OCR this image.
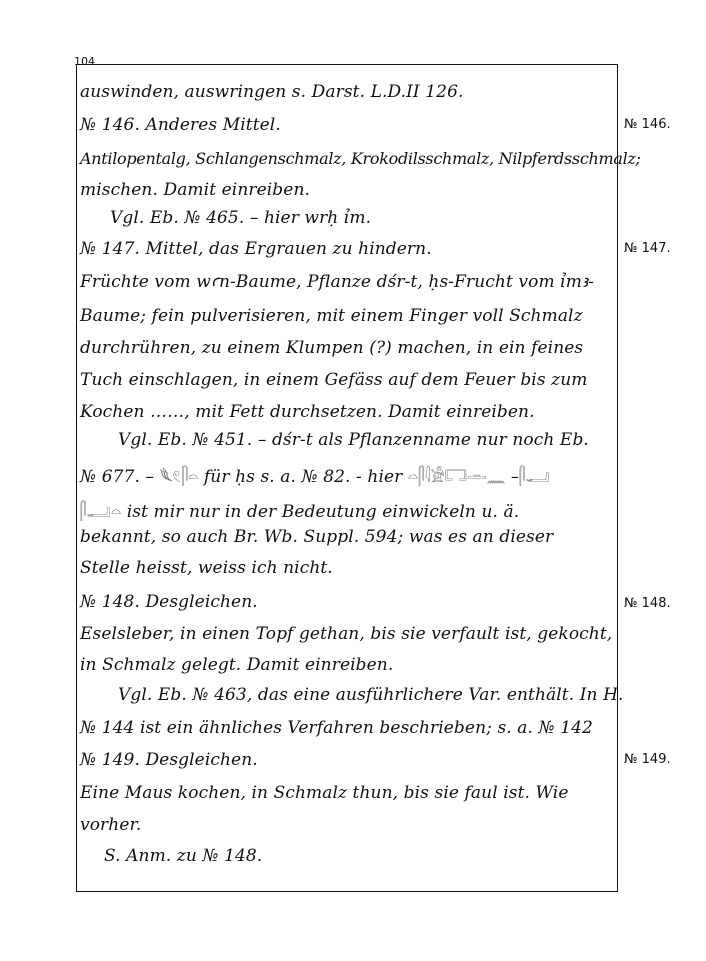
104
auswinden, auswringen s. Darst. L.D.II 126.
№ 146. Anderes Mittel.
Antilopentalg, Schlangenschmalz, Krokodilsschmalz, Nilpferdsschmalz;
mischen. Damit einreiben.
Vgl. Eb. № 465. – hier wrḥ ỉm.
№ 147. Mittel, das Ergrauen zu hindern.
Früchte vom wꜥn-Baume, Pflanze dśr-t, ḥs-Frucht vom ỉmꜣ-
Baume; fein pulverisieren, mit einem Finger voll Schmalz
durchrühren, zu einem Klumpen (?) machen, in ein feines
Tuch einschlagen, in einem Gefäss auf dem Feuer bis zum
Kochen ……, mit Fett durchsetzen. Damit einreiben.
Vgl. Eb. № 451. – dśr-t als Pflanzenname nur noch Eb.
№ 677. – 𓆰𓏲𓋴𓏏 für ḥs s. a. № 82. - hier 𓏏𓋴𓇋𓀀𓉐𓏛𓈖 –𓋴𓂝
𓋴𓂝𓏏 ist mir nur in der Bedeutung einwickeln u. ä.
bekannt, so auch Br. Wb. Suppl. 594; was es an dieser
Stelle heisst, weiss ich nicht.
№ 148. Desgleichen.
Eselsleber, in einen Topf gethan, bis sie verfault ist, gekocht,
in Schmalz gelegt. Damit einreiben.
Vgl. Eb. № 463, das eine ausführlichere Var. enthält. In H.
№ 144 ist ein ähnliches Verfahren beschrieben; s. a. № 142
№ 149. Desgleichen.
Eine Maus kochen, in Schmalz thun, bis sie faul ist. Wie
vorher.
S. Anm. zu № 148.
№ 146.
№ 147.
№ 148.
№ 149.
